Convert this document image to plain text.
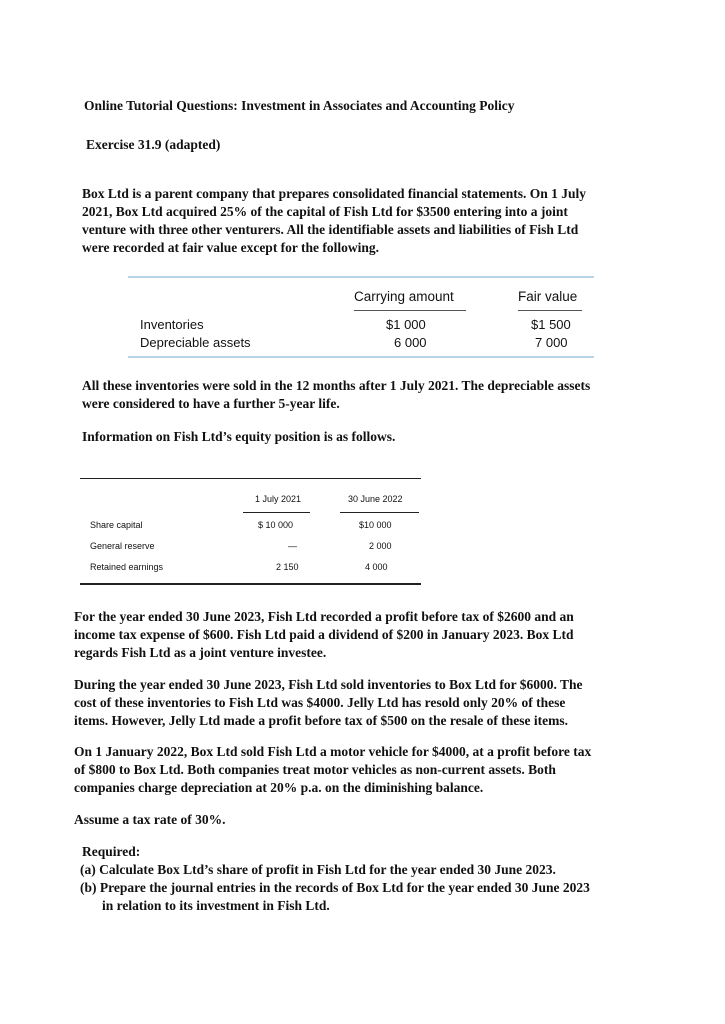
Online Tutorial Questions: Investment in Associates and Accounting Policy
Exercise 31.9 (adapted)
Box Ltd is a parent company that prepares consolidated financial statements. On 1 July
2021, Box Ltd acquired 25% of the capital of Fish Ltd for $3500 entering into a joint
venture with three other venturers. All the identifiable assets and liabilities of Fish Ltd
were recorded at fair value except for the following.
Carrying amount	Fair value
Inventories	$1 000	$1 500
Depreciable assets	6 000	7 000
All these inventories were sold in the 12 months after 1 July 2021. The depreciable assets
were considered to have a further 5-year life.
Information on Fish Ltd’s equity position is as follows.
1 July 2021	30 June 2022
Share capital	$ 10 000	$10 000
General reserve	—	2 000
Retained earnings	2 150	4 000
For the year ended 30 June 2023, Fish Ltd recorded a profit before tax of $2600 and an
income tax expense of $600. Fish Ltd paid a dividend of $200 in January 2023. Box Ltd
regards Fish Ltd as a joint venture investee.
During the year ended 30 June 2023, Fish Ltd sold inventories to Box Ltd for $6000. The
cost of these inventories to Fish Ltd was $4000. Jelly Ltd has resold only 20% of these
items. However, Jelly Ltd made a profit before tax of $500 on the resale of these items.
On 1 January 2022, Box Ltd sold Fish Ltd a motor vehicle for $4000, at a profit before tax
of $800 to Box Ltd. Both companies treat motor vehicles as non-current assets. Both
companies charge depreciation at 20% p.a. on the diminishing balance.
Assume a tax rate of 30%.
Required:
(a) Calculate Box Ltd’s share of profit in Fish Ltd for the year ended 30 June 2023.
(b) Prepare the journal entries in the records of Box Ltd for the year ended 30 June 2023
in relation to its investment in Fish Ltd.
